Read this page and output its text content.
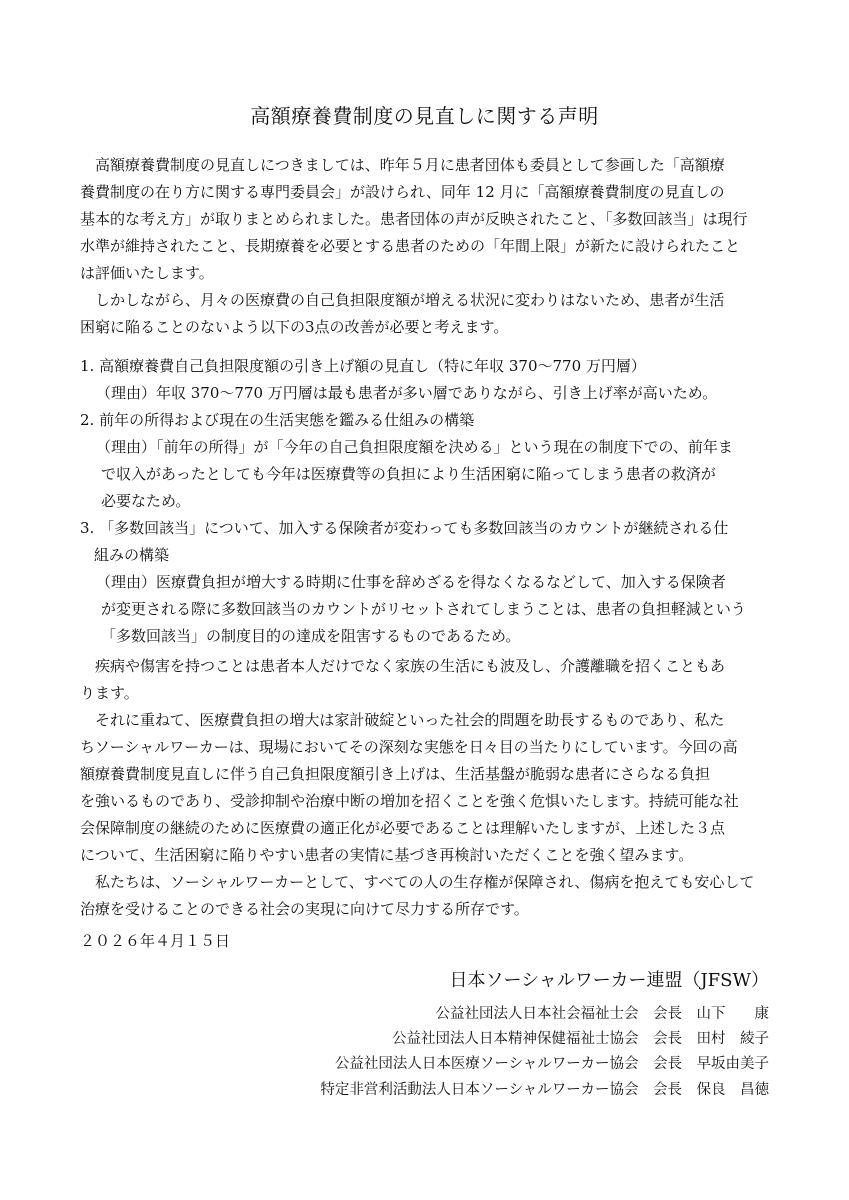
高額療養費制度の見直しに関する声明
高額療養費制度の見直しにつきましては、昨年５月に患者団体も委員として参画した「高額療
養費制度の在り方に関する専門委員会」が設けられ、同年 12 月に「高額療養費制度の見直しの
基本的な考え方」が取りまとめられました。患者団体の声が反映されたこと、「多数回該当」は現行
水準が維持されたこと、長期療養を必要とする患者のための「年間上限」が新たに設けられたこと
は評価いたします。
しかしながら、月々の医療費の自己負担限度額が増える状況に変わりはないため、患者が生活
困窮に陥ることのないよう以下の3点の改善が必要と考えます。
1. 高額療養費自己負担限度額の引き上げ額の見直し（特に年収 370～770 万円層）
（理由）年収 370～770 万円層は最も患者が多い層でありながら、引き上げ率が高いため。
2. 前年の所得および現在の生活実態を鑑みる仕組みの構築
（理由）「前年の所得」が「今年の自己負担限度額を決める」という現在の制度下での、前年ま
で収入があったとしても今年は医療費等の負担により生活困窮に陥ってしまう患者の救済が
必要なため。
3. 「多数回該当」について、加入する保険者が変わっても多数回該当のカウントが継続される仕
組みの構築
（理由）医療費負担が増大する時期に仕事を辞めざるを得なくなるなどして、加入する保険者
が変更される際に多数回該当のカウントがリセットされてしまうことは、患者の負担軽減という
「多数回該当」の制度目的の達成を阻害するものであるため。
疾病や傷害を持つことは患者本人だけでなく家族の生活にも波及し、介護離職を招くこともあ
ります。
それに重ねて、医療費負担の増大は家計破綻といった社会的問題を助長するものであり、私た
ちソーシャルワーカーは、現場においてその深刻な実態を日々目の当たりにしています。今回の高
額療養費制度見直しに伴う自己負担限度額引き上げは、生活基盤が脆弱な患者にさらなる負担
を強いるものであり、受診抑制や治療中断の増加を招くことを強く危惧いたします。持続可能な社
会保障制度の継続のために医療費の適正化が必要であることは理解いたしますが、上述した３点
について、生活困窮に陥りやすい患者の実情に基づき再検討いただくことを強く望みます。
私たちは、ソーシャルワーカーとして、すべての人の生存権が保障され、傷病を抱えても安心して
治療を受けることのできる社会の実現に向けて尽力する所存です。
２０２６年４月１５日
日本ソーシャルワーカー連盟（JFSW）
公益社団法人日本社会福祉士会　会長　山下　　康
公益社団法人日本精神保健福祉士協会　会長　田村　綾子
公益社団法人日本医療ソーシャルワーカー協会　会長　早坂由美子
特定非営利活動法人日本ソーシャルワーカー協会　会長　保良　昌徳
